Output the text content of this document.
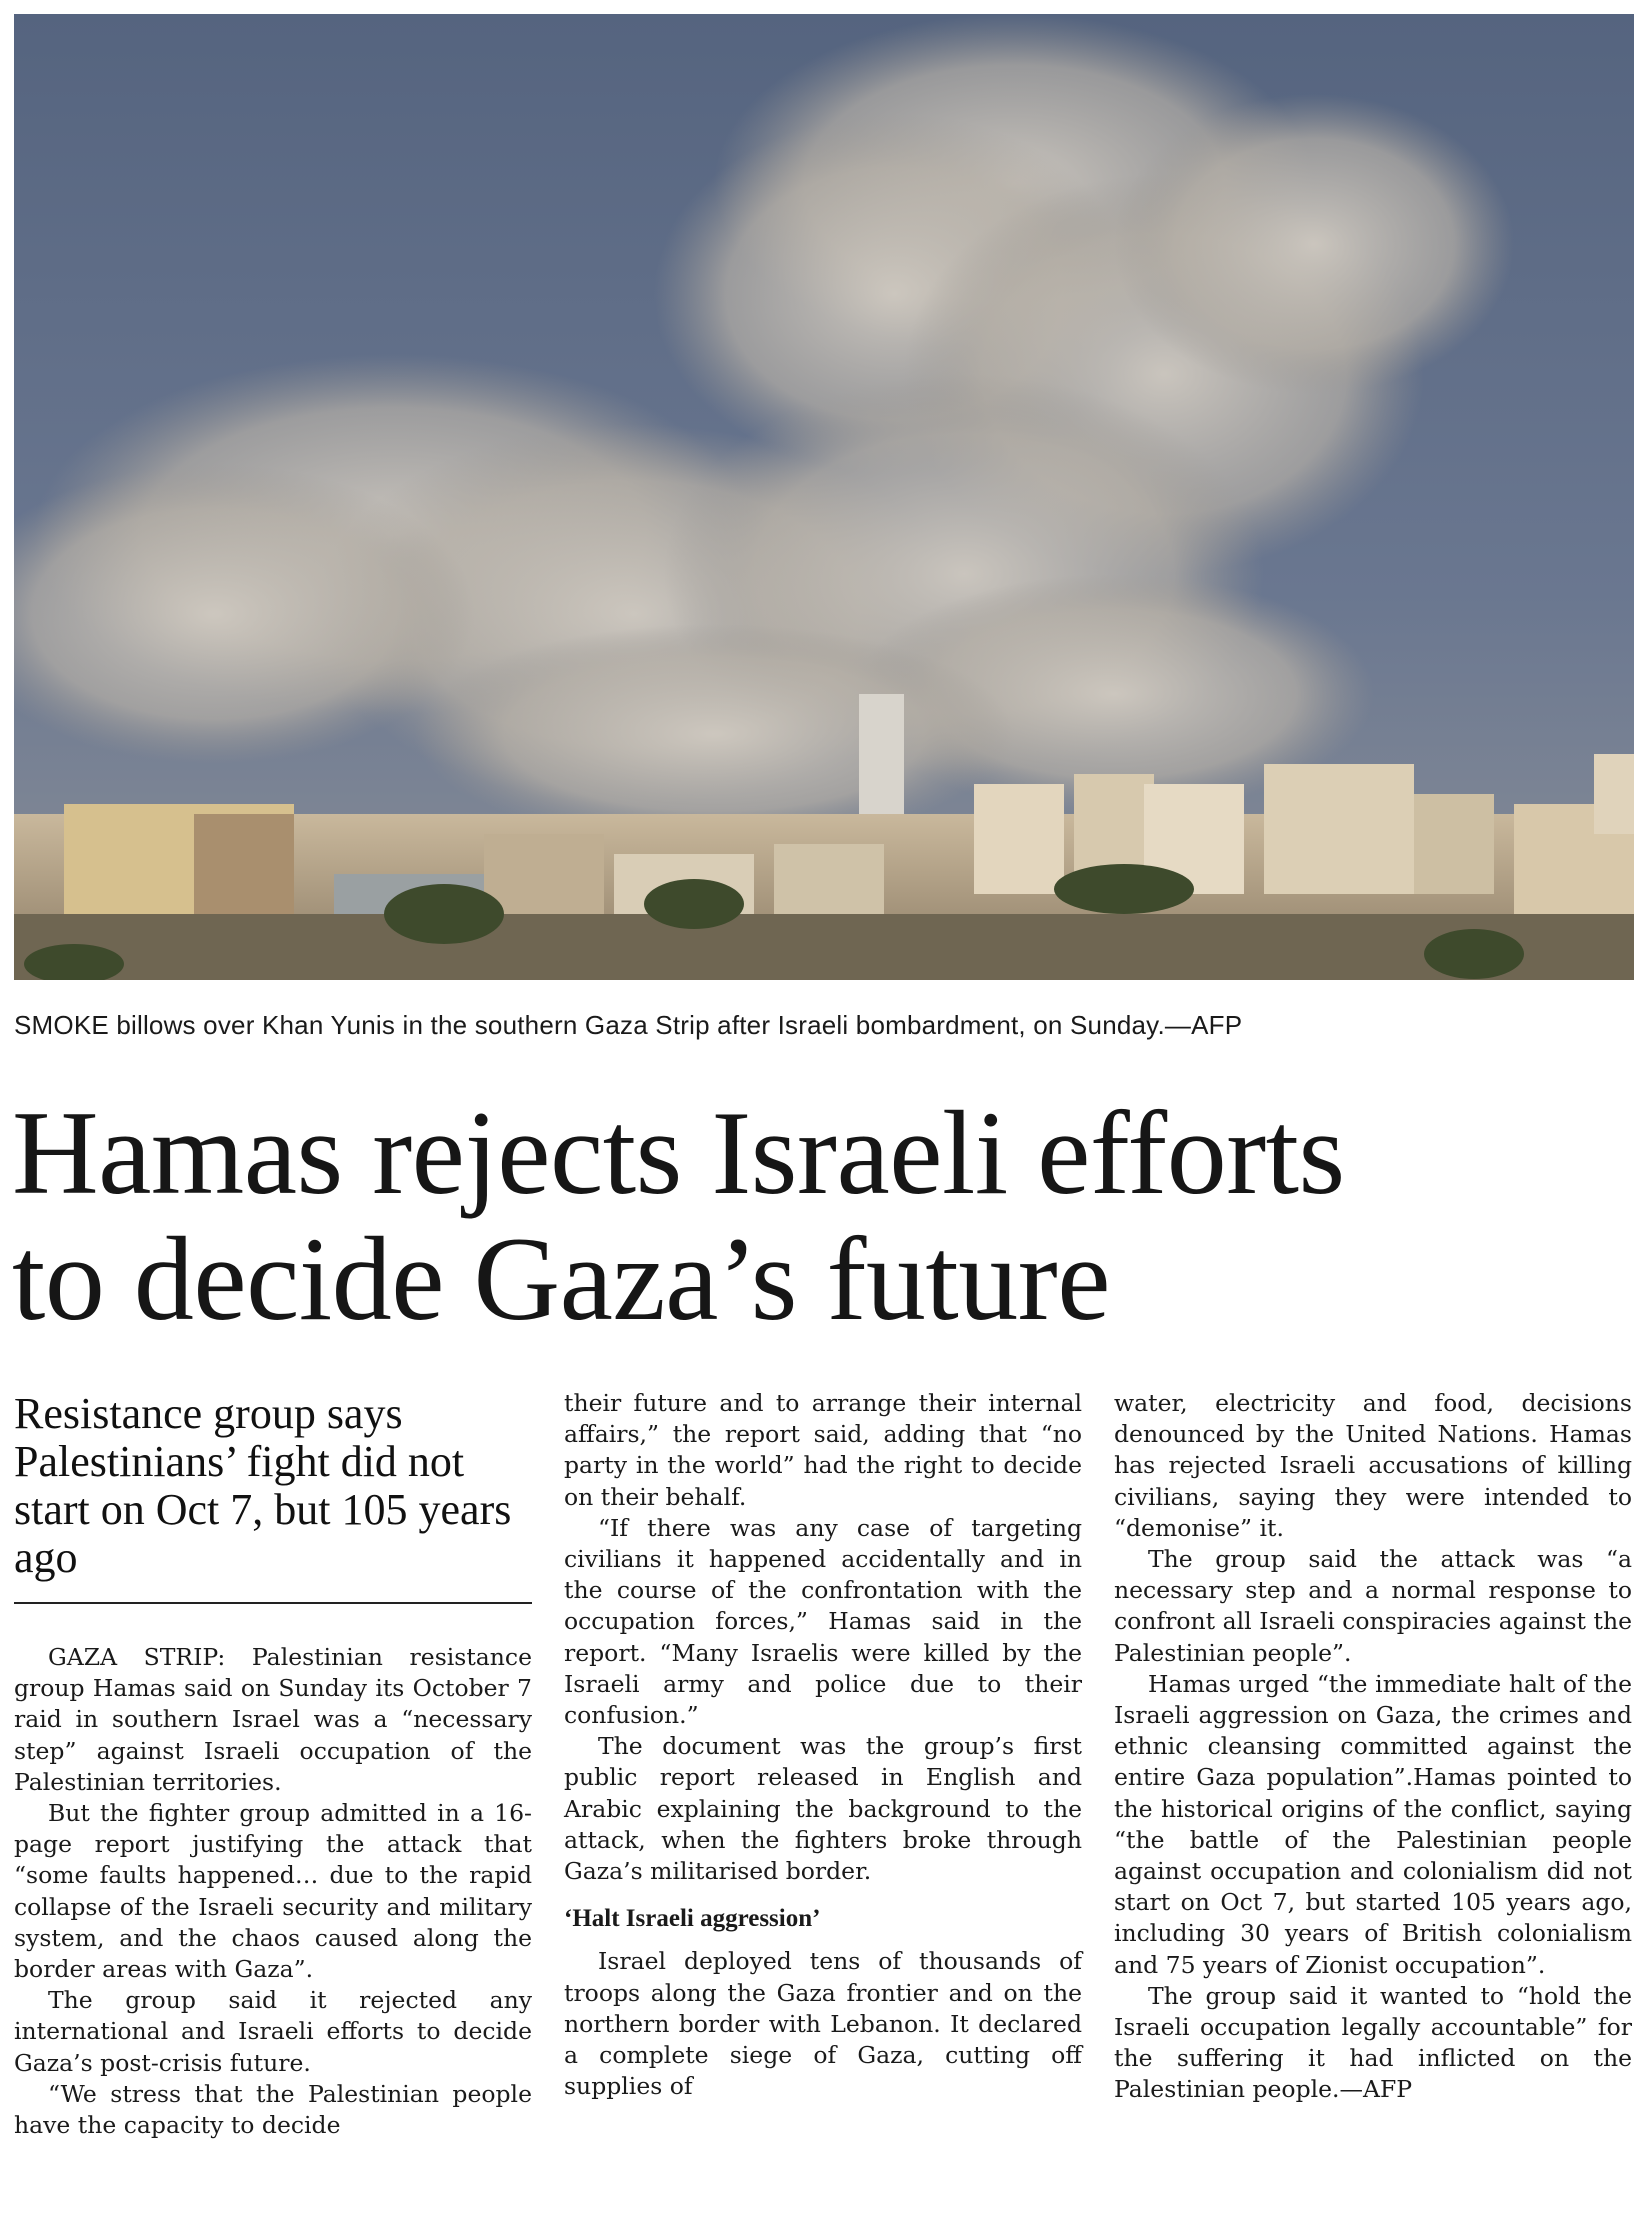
SMOKE billows over Khan Yunis in the southern Gaza Strip after Israeli bombardment, on Sunday.—AFP
Hamas rejects Israeli efforts
to decide Gaza’s future
Resistance group says Palestinians’ fight did not start on Oct 7, but 105 years ago

GAZA STRIP: Palestinian resistance group Hamas said on Sunday its October 7 raid in southern Israel was a “necessary step” against Israeli occupation of the Palestinian territories.

But the fighter group admitted in a 16-page report justifying the attack that “some faults happened… due to the rapid collapse of the Israeli security and military system, and the chaos caused along the border areas with Gaza”.

The group said it rejected any international and Israeli efforts to decide Gaza’s post-crisis future.

“We stress that the Palestinian people have the capacity to decide

their future and to arrange their internal affairs,” the report said, adding that “no party in the world” had the right to decide on their behalf.

“If there was any case of targeting civilians it happened accidentally and in the course of the confrontation with the occupation forces,” Hamas said in the report. “Many Israelis were killed by the Israeli army and police due to their confusion.”

The document was the group’s first public report released in English and Arabic explaining the background to the attack, when the fighters broke through Gaza’s militarised border.

‘Halt Israeli aggression’

Israel deployed tens of thousands of troops along the Gaza frontier and on the northern border with Lebanon. It declared a complete siege of Gaza, cutting off supplies of

water, electricity and food, decisions denounced by the United Nations. Hamas has rejected Israeli accusations of killing civilians, saying they were intended to “demonise” it.

The group said the attack was “a necessary step and a normal response to confront all Israeli conspiracies against the Palestinian people”.

Hamas urged “the immediate halt of the Israeli aggression on Gaza, the crimes and ethnic cleansing committed against the entire Gaza population”.Hamas pointed to the historical origins of the conflict, saying “the battle of the Palestinian people against occupation and colonialism did not start on Oct 7, but started 105 years ago, including 30 years of British colonialism and 75 years of Zionist occupation”.

The group said it wanted to “hold the Israeli occupation legally accountable” for the suffering it had inflicted on the Palestinian people.—AFP
